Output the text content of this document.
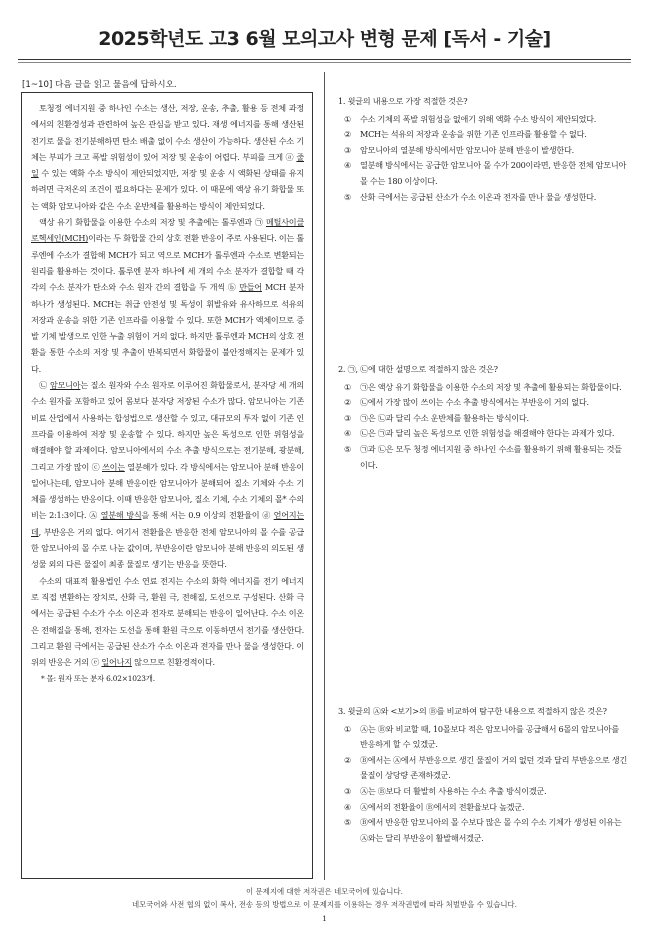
2025학년도 고3 6월 모의고사 변형 문제 [독서 - 기술]
[1~10] 다음 글을 읽고 물음에 답하시오.

토청정 에너지원 중 하나인 수소는 생산, 저장, 운송, 추출, 활용 등 전체 과정에서의 친환경성과 관련하여 높은 관심을 받고 있다. 재생 에너지를 통해 생산된 전기로 물을 전기분해하면 탄소 배출 없이 수소 생산이 가능하다. 생산된 수소 기체는 부피가 크고 폭발 위험성이 있어 저장 및 운송이 어렵다. 부피를 크게 ⓐ 줄일 수 있는 액화 수소 방식이 제안되었지만, 저장 및 운송 시 액화된 상태를 유지하려면 극저온의 조건이 필요하다는 문제가 있다. 이 때문에 액상 유기 화합물 또는 액화 암모니아와 같은 수소 운반체를 활용하는 방식이 제안되었다.

액상 유기 화합물을 이용한 수소의 저장 및 추출에는 톨루엔과 ㉠ 메틸사이클로헥세인(MCH)이라는 두 화합물 간의 상호 전환 반응이 주로 사용된다. 이는 톨루엔에 수소가 결합해 MCH가 되고 역으로 MCH가 톨루엔과 수소로 변환되는 원리를 활용하는 것이다. 톨루엔 분자 하나에 세 개의 수소 분자가 결합할 때 각각의 수소 분자가 탄소와 수소 원자 간의 결합을 두 개씩 ⓑ 만들어 MCH 분자 하나가 생성된다. MCH는 취급 안전성 및 독성이 휘발유와 유사하므로 석유의 저장과 운송을 위한 기존 인프라를 이용할 수 있다. 또한 MCH가 액체이므로 증발 기체 발생으로 인한 누출 위험이 거의 없다. 하지만 톨루엔과 MCH의 상호 전환을 통한 수소의 저장 및 추출이 반복되면서 화합물이 불안정해지는 문제가 있다.

㉡ 암모니아는 질소 원자와 수소 원자로 이루어진 화합물로서, 분자당 세 개의 수소 원자를 포함하고 있어 몸보다 분자당 저장된 수소가 많다. 암모니아는 기존 비료 산업에서 사용하는 합성법으로 생산할 수 있고, 대규모의 투자 없이 기존 인프라를 이용하여 저장 및 운송할 수 있다. 하지만 높은 독성으로 인한 위험성을 해결해야 할 과제이다. 암모니아에서의 수소 추출 방식으로는 전기분해, 광분해, 그리고 가장 많이 ⓒ 쓰이는 열분해가 있다. 각 방식에서는 암모니아 분해 반응이 일어나는데, 암모니아 분해 반응이란 암모니아가 분해되어 질소 기체와 수소 기체를 생성하는 반응이다. 이때 반응한 암모니아, 질소 기체, 수소 기체의 몰* 수의 비는 2:1:3이다. Ⓐ 열분해 방식을 통해 서는 0.9 이상의 전환율이 ⓓ 얻어지는데, 부반응은 거의 없다. 여기서 전환율은 반응한 전체 암모니아의 몰 수를 공급한 암모니아의 몰 수로 나눈 값이며, 부반응이란 암모니아 분해 반응의 의도된 생성물 외의 다른 물질이 최종 물질로 생기는 반응을 뜻한다.

수소의 대표적 활용법인 수소 연료 전지는 수소의 화학 에너지를 전기 에너지로 직접 변환하는 장치로, 산화 극, 환원 극, 전해질, 도선으로 구성된다. 산화 극에서는 공급된 수소가 수소 이온과 전자로 분해되는 반응이 일어난다. 수소 이온은 전해질을 통해, 전자는 도선을 통해 환원 극으로 이동하면서 전기를 생산한다. 그리고 환원 극에서는 공급된 산소가 수소 이온과 전자를 만나 물을 생성한다. 이 위의 반응은 거의 ⓔ 일어나지 않으므로 친환경적이다.

* 몰: 원자 또는 분자 6.02×1023개.

1. 윗글의 내용으로 가장 적절한 것은?

①	수소 기체의 폭발 위험성을 없애기 위해 액화 수소 방식이 제안되었다.
②	MCH는 석유의 저장과 운송을 위한 기존 인프라를 활용할 수 없다.
③	암모니아의 열분해 방식에서만 암모니아 분해 반응이 발생한다.
④	열분해 방식에서는 공급한 암모니아 몰 수가 200이라면, 반응한 전체 암모니아 몰 수는 180 이상이다.
⑤	산화 극에서는 공급된 산소가 수소 이온과 전자를 만나 물을 생성한다.

2. ㉠, ㉡에 대한 설명으로 적절하지 않은 것은?

①	㉠은 액상 유기 화합물을 이용한 수소의 저장 및 추출에 활용되는 화합물이다.
②	㉡에서 가장 많이 쓰이는 수소 추출 방식에서는 부반응이 거의 없다.
③	㉠은 ㉡과 달리 수소 운반체를 활용하는 방식이다.
④	㉡은 ㉠과 달리 높은 독성으로 인한 위험성을 해결해야 한다는 과제가 있다.
⑤	㉠과 ㉡은 모두 청정 에너지원 중 하나인 수소를 활용하기 위해 활용되는 것들이다.

3. 윗글의 Ⓐ와 <보기>의 Ⓑ를 비교하여 탐구한 내용으로 적절하지 않은 것은?

①	Ⓐ는 Ⓑ와 비교할 때, 10몰보다 적은 암모니아를 공급해서 6몰의 암모니아를 반응하게 할 수 있겠군.
②	Ⓑ에서는 Ⓐ에서 부반응으로 생긴 물질이 거의 없던 것과 달리 부반응으로 생긴 물질이 상당량 존재하겠군.
③	Ⓐ는 Ⓑ보다 더 활발히 사용하는 수소 추출 방식이겠군.
④	Ⓐ에서의 전환율이 Ⓑ에서의 전환율보다 높겠군.
⑤	Ⓑ에서 반응한 암모니아의 몰 수보다 많은 몰 수의 수소 기체가 생성된 이유는 Ⓐ와는 달리 부반응이 활발해서겠군.
이 문제지에 대한 저작권은 네모국어에 있습니다.
네모국어와 사전 협의 없이 복사, 전송 등의 방법으로 이 문제지를 이용하는 경우 저작권법에 따라 처벌받을 수 있습니다.
1
